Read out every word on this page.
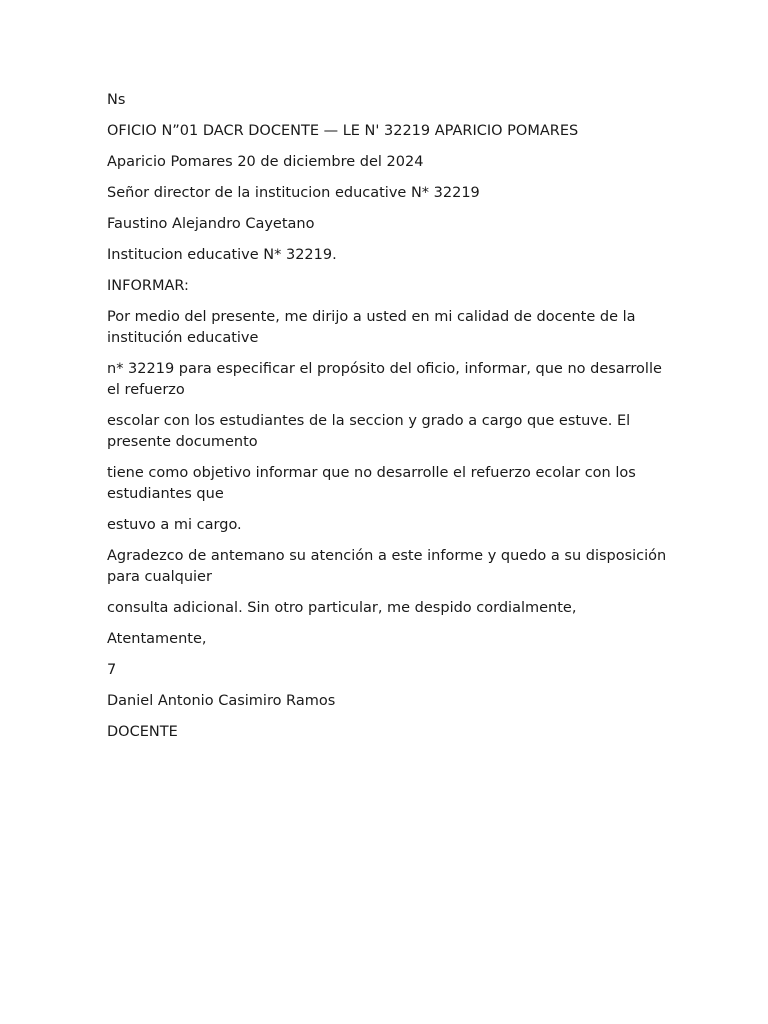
Ns

OFICIO N”01 DACR DOCENTE — LE N' 32219 APARICIO POMARES

Aparicio Pomares 20 de diciembre del 2024

Señor director de la institucion educative N* 32219

Faustino Alejandro Cayetano

Institucion educative N* 32219.

INFORMAR:

Por medio del presente, me dirijo a usted en mi calidad de docente de la institución educative

n* 32219 para especificar el propósito del oficio, informar, que no desarrolle el refuerzo

escolar con los estudiantes de la seccion y grado a cargo que estuve. El presente documento

tiene como objetivo informar que no desarrolle el refuerzo ecolar con los estudiantes que

estuvo a mi cargo.

Agradezco de antemano su atención a este informe y quedo a su disposición para cualquier

consulta adicional. Sin otro particular, me despido cordialmente,

Atentamente,

7

Daniel Antonio Casimiro Ramos

DOCENTE
